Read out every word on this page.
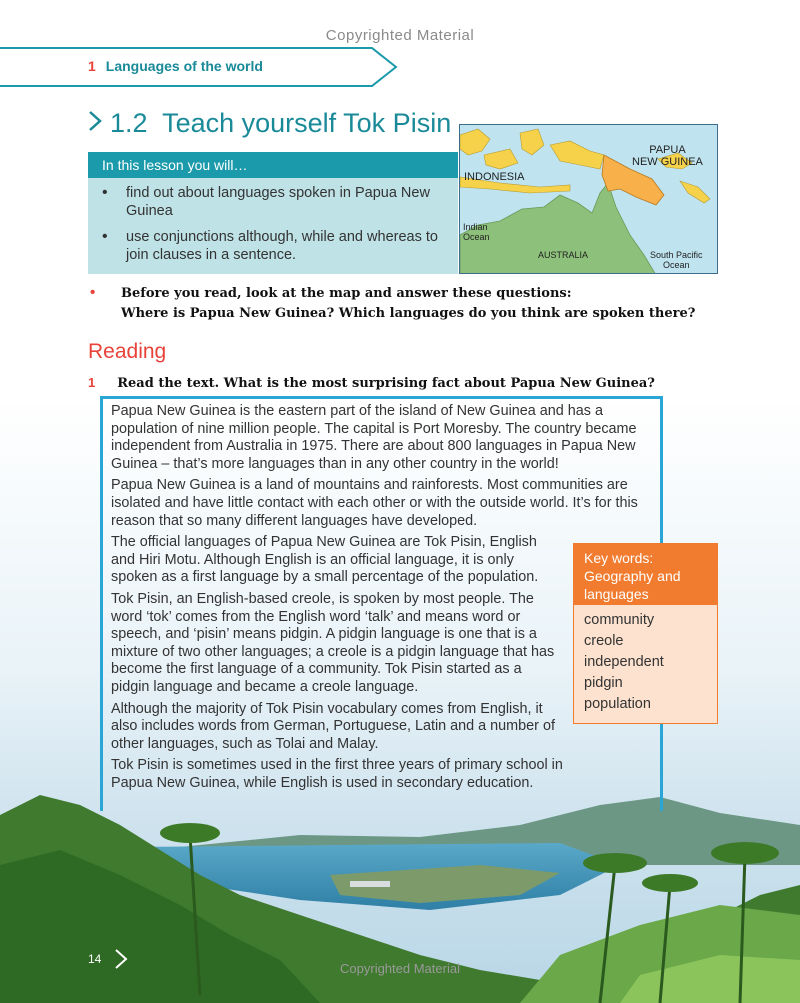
Copyrighted Material
1 Languages of the world
1.2 Teach yourself Tok Pisin
In this lesson you will…
• find out about languages spoken in Papua New Guinea
• use conjunctions although, while and whereas to join clauses in a sentence.
PAPUA
NEW GUINEA
INDONESIA
Indian
Ocean
AUSTRALIA	South Pacific
Ocean
• Before you read, look at the map and answer these questions:
Where is Papua New Guinea? Which languages do you think are spoken there?
Reading
1 Read the text. What is the most surprising fact about Papua New Guinea?

Papua New Guinea is the eastern part of the island of New Guinea and has a population of nine million people. The capital is Port Moresby. The country became independent from Australia in 1975. There are about 800 languages in Papua New Guinea – that’s more languages than in any other country in the world!

Papua New Guinea is a land of mountains and rainforests. Most communities are isolated and have little contact with each other or with the outside world. It’s for this reason that so many different languages have developed.

The official languages of Papua New Guinea are Tok Pisin, English and Hiri Motu. Although English is an official language, it is only spoken as a first language by a small percentage of the population.

Tok Pisin, an English-based creole, is spoken by most people. The word ‘tok’ comes from the English word ‘talk’ and means word or speech, and ‘pisin’ means pidgin. A pidgin language is one that is a mixture of two other languages; a creole is a pidgin language that has become the first language of a community. Tok Pisin started as a pidgin language and became a creole language.

Although the majority of Tok Pisin vocabulary comes from English, it also includes words from German, Portuguese, Latin and a number of other languages, such as Tolai and Malay.

Tok Pisin is sometimes used in the first three years of primary school in Papua New Guinea, while English is used in secondary education.

Key words: Geography and languages
community
creole
independent
pidgin
population
14
Copyrighted Material
